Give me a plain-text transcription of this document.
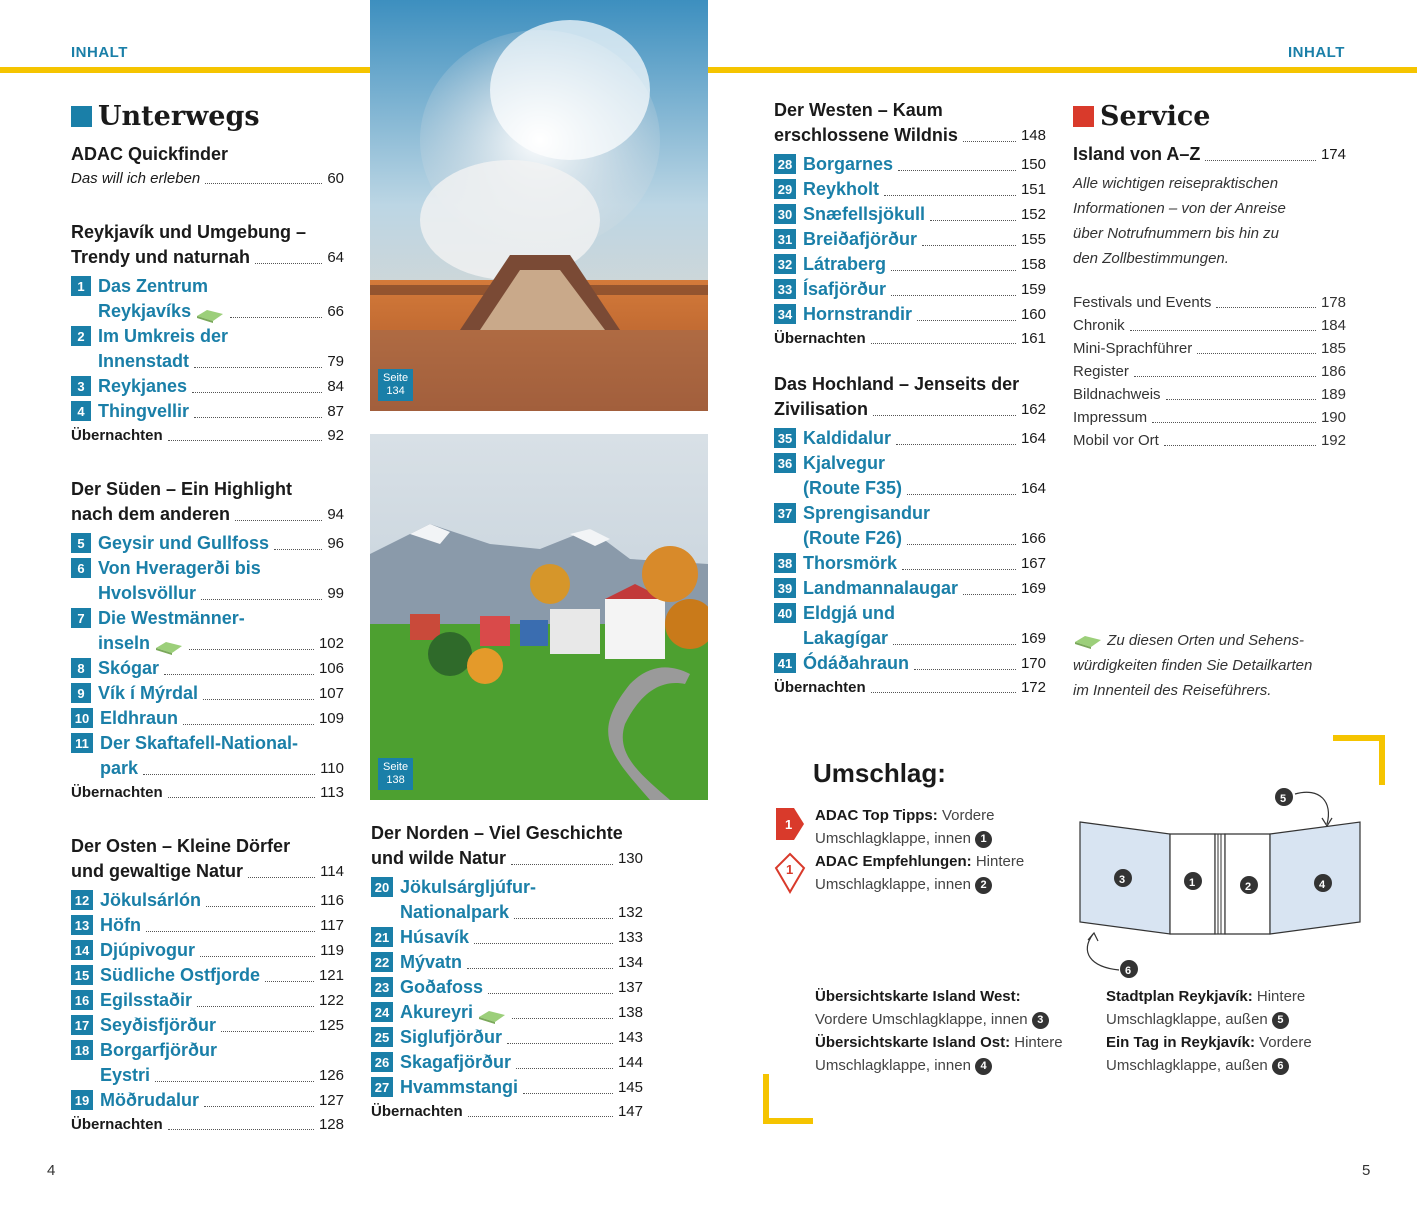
INHALT	INHALT
Seite
134
Seite
138
Unterwegs
ADAC Quickfinder
Das will ich erleben	60
Reykjavík und Umgebung –
Trendy und naturnah	64
1 Das Zentrum
Reykjavíks	66
2 Im Umkreis der
Innenstadt	79
3 Reykjanes	84
4 Thingvellir	87
Übernachten	92
Der Süden – Ein Highlight
nach dem anderen	94
5 Geysir und Gullfoss	96
6 Von Hveragerði bis
Hvolsvöllur	99
7 Die Westmänner-
inseln	102
8 Skógar	106
9 Vík í Mýrdal	107
10 Eldhraun	109
11 Der Skaftafell-National-
park	110
Übernachten	113
Der Osten – Kleine Dörfer
und gewaltige Natur	114
12 Jökulsárlón	116
13 Höfn	117
14 Djúpivogur	119
15 Südliche Ostfjorde	121
16 Egilsstaðir	122
17 Seyðisfjörður	125
18 Borgarfjörður
Eystri	126
19 Möðrudalur	127
Übernachten	128
Der Norden – Viel Geschichte
und wilde Natur	130
20 Jökulsárgljúfur-
Nationalpark	132
21 Húsavík	133
22 Mývatn	134
23 Goðafoss	137
24 Akureyri	138
25 Siglufjörður	143
26 Skagafjörður	144
27 Hvammstangi	145
Übernachten	147
Der Westen – Kaum
erschlossene Wildnis	148
28 Borgarnes	150
29 Reykholt	151
30 Snæfellsjökull	152
31 Breiðafjörður	155
32 Látraberg	158
33 Ísafjörður	159
34 Hornstrandir	160
Übernachten	161
Das Hochland – Jenseits der
Zivilisation	162
35 Kaldidalur	164
36 Kjalvegur
(Route F35)	164
37 Sprengisandur
(Route F26)	166
38 Thorsmörk	167
39 Landmannalaugar	169
40 Eldgjá und
Lakagígar	169
41 Ódáðahraun	170
Übernachten	172
Service
Island von A–Z	174
Alle wichtigen reisepraktischen
Informationen – von der Anreise
über Notrufnummern bis hin zu
den Zollbestimmungen.
Festivals und Events	178
Chronik	184
Mini-Sprachführer	185
Register	186
Bildnachweis	189
Impressum	190
Mobil vor Ort	192
Zu diesen Orten und Sehens-
würdigkeiten finden Sie Detailkarten
im Innenteil des Reiseführers.
Umschlag:
1
1
ADAC Top Tipps: Vordere
Umschlagklappe, innen 1
ADAC Empfehlungen: Hintere
Umschlagklappe, innen 2	3	1	2	4
5
6
Übersichtskarte Island West:
Vordere Umschlagklappe, innen 3
Übersichtskarte Island Ost: Hintere
Umschlagklappe, innen 4
Stadtplan Reykjavík: Hintere
Umschlagklappe, außen 5
Ein Tag in Reykjavík: Vordere
Umschlagklappe, außen 6
4	5
